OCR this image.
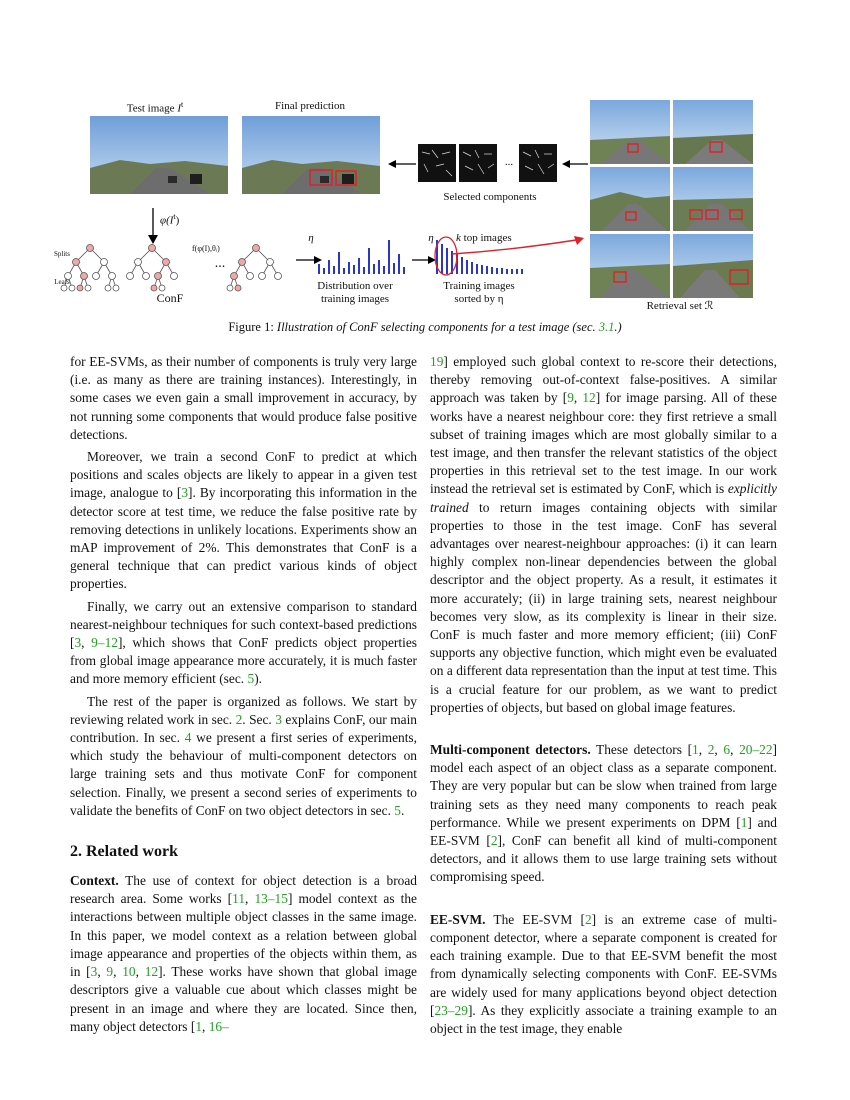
Test image $I^t$	Final prediction
...
Selected components
Retrieval set ℛ
$\varphi(I^t)$
Splits
Leafs
f(φ(I),θᵢ)
...
ConF
η
Distribution over
training images
η	k top images
Training images
sorted by η
Figure 1: Illustration of ConF selecting components for a test image (sec. 3.1.)

for EE-SVMs, as their number of components is truly very large (i.e. as many as there are training instances). Interestingly, in some cases we even gain a small improvement in accuracy, by not running some components that would produce false positive detections.

Moreover, we train a second ConF to predict at which positions and scales objects are likely to appear in a given test image, analogue to [3]. By incorporating this information in the detector score at test time, we reduce the false positive rate by removing detections in unlikely locations. Experiments show an mAP improvement of 2%. This demonstrates that ConF is a general technique that can predict various kinds of object properties.

Finally, we carry out an extensive comparison to standard nearest-neighbour techniques for such context-based predictions [3, 9–12], which shows that ConF predicts object properties from global image appearance more accurately, it is much faster and more memory efficient (sec. 5).

The rest of the paper is organized as follows. We start by reviewing related work in sec. 2. Sec. 3 explains ConF, our main contribution. In sec. 4 we present a first series of experiments, which study the behaviour of multi-component detectors on large training sets and thus motivate ConF for component selection. Finally, we present a second series of experiments to validate the benefits of ConF on two object detectors in sec. 5.

2. Related work

Context. The use of context for object detection is a broad research area. Some works [11, 13–15] model context as the interactions between multiple object classes in the same image. In this paper, we model context as a relation between global image appearance and properties of the objects within them, as in [3, 9, 10, 12]. These works have shown that global image descriptors give a valuable cue about which classes might be present in an image and where they are located. Since then, many object detectors [1, 16–

19] employed such global context to re-score their detections, thereby removing out-of-context false-positives. A similar approach was taken by [9, 12] for image parsing. All of these works have a nearest neighbour core: they first retrieve a small subset of training images which are most globally similar to a test image, and then transfer the relevant statistics of the object properties in this retrieval set to the test image. In our work instead the retrieval set is estimated by ConF, which is explicitly trained to return images containing objects with similar properties to those in the test image. ConF has several advantages over nearest-neighbour approaches: (i) it can learn highly complex non-linear dependencies between the global descriptor and the object property. As a result, it estimates it more accurately; (ii) in large training sets, nearest neighbour becomes very slow, as its complexity is linear in their size. ConF is much faster and more memory efficient; (iii) ConF supports any objective function, which might even be evaluated on a different data representation than the input at test time. This is a crucial feature for our problem, as we want to predict properties of objects, but based on global image features.

Multi-component detectors. These detectors [1, 2, 6, 20–22] model each aspect of an object class as a separate component. They are very popular but can be slow when trained from large training sets as they need many components to reach peak performance. While we present experiments on DPM [1] and EE-SVM [2], ConF can benefit all kind of multi-component detectors, and it allows them to use large training sets without compromising speed.

EE-SVM. The EE-SVM [2] is an extreme case of multi-component detector, where a separate component is created for each training example. Due to that EE-SVM benefit the most from dynamically selecting components with ConF. EE-SVMs are widely used for many applications beyond object detection [23–29]. As they explicitly associate a training example to an object in the test image, they enable
